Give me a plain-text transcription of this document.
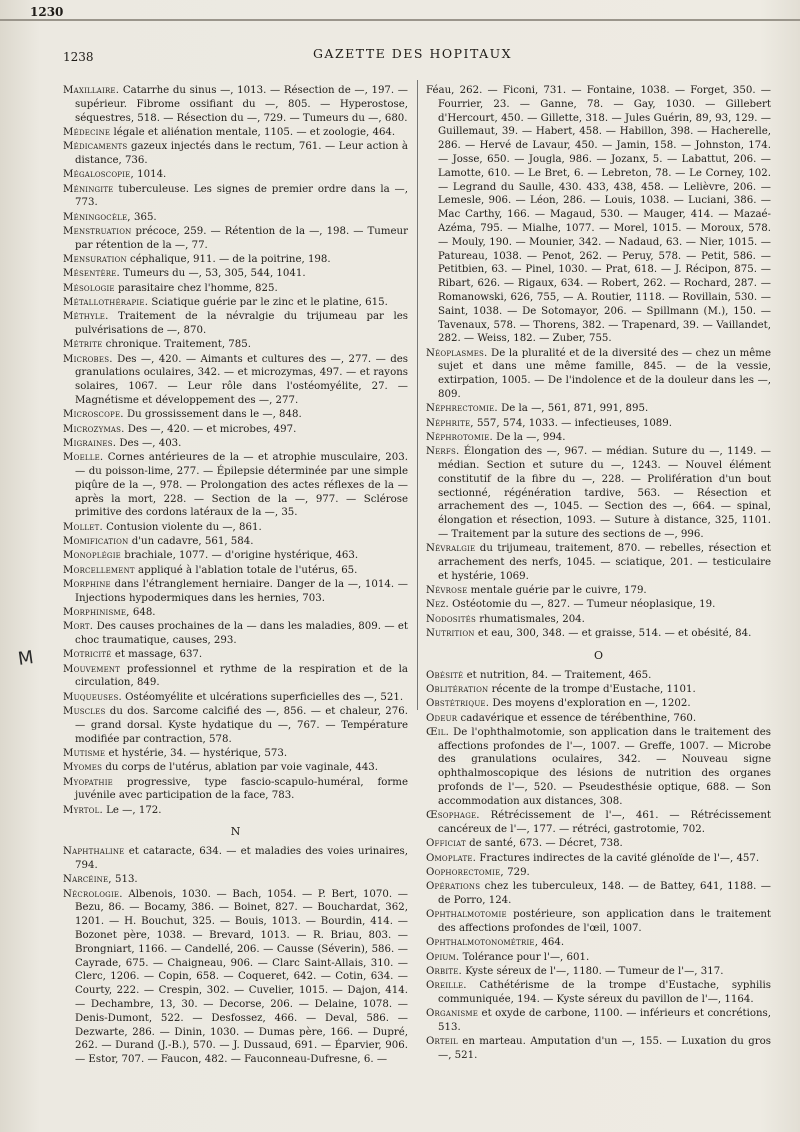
1230
1238	GAZETTE DES HOPITAUX
M
Maxillaire. Catarrhe du sinus —, 1013. — Résection de —, 197. — supérieur. Fibrome ossifiant du —, 805. — Hyperostose, séquestres, 518. — Résection du —, 729. — Tumeurs du —, 680.
Médecine légale et aliénation mentale, 1105. — et zoologie, 464.
Médicaments gazeux injectés dans le rectum, 761. — Leur action à distance, 736.
Mégaloscopie, 1014.
Méningite tuberculeuse. Les signes de premier ordre dans la —, 773.
Méningocèle, 365.
Menstruation précoce, 259. — Rétention de la —, 198. — Tumeur par rétention de la —, 77.
Mensuration céphalique, 911. — de la poitrine, 198.
Mésentère. Tumeurs du —, 53, 305, 544, 1041.
Mésologie parasitaire chez l'homme, 825.
Métallothérapie. Sciatique guérie par le zinc et le platine, 615.
Méthyle. Traitement de la névralgie du trijumeau par les pulvérisations de —, 870.
Métrite chronique. Traitement, 785.
Microbes. Des —, 420. — Aimants et cultures des —, 277. — des granulations oculaires, 342. — et microzymas, 497. — et rayons solaires, 1067. — Leur rôle dans l'ostéomyélite, 27. — Magnétisme et développement des —, 277.
Microscope. Du grossissement dans le —, 848.
Microzymas. Des —, 420. — et microbes, 497.
Migraines. Des —, 403.
Moelle. Cornes antérieures de la — et atrophie musculaire, 203. — du poisson-lime, 277. — Épilepsie déterminée par une simple piqûre de la —, 978. — Prolongation des actes réflexes de la — après la mort, 228. — Section de la —, 977. — Sclérose primitive des cordons latéraux de la —, 35.
Mollet. Contusion violente du —, 861.
Momification d'un cadavre, 561, 584.
Monoplégie brachiale, 1077. — d'origine hystérique, 463.
Morcellement appliqué à l'ablation totale de l'utérus, 65.
Morphine dans l'étranglement herniaire. Danger de la —, 1014. — Injections hypodermiques dans les hernies, 703.
Morphinisme, 648.
Mort. Des causes prochaines de la — dans les maladies, 809. — et choc traumatique, causes, 293.
Motricité et massage, 637.
Mouvement professionnel et rythme de la respiration et de la circulation, 849.
Muqueuses. Ostéomyélite et ulcérations superficielles des —, 521.
Muscles du dos. Sarcome calcifié des —, 856. — et chaleur, 276. — grand dorsal. Kyste hydatique du —, 767. — Température modifiée par contraction, 578.
Mutisme et hystérie, 34. — hystérique, 573.
Myomes du corps de l'utérus, ablation par voie vaginale, 443.
Myopathie progressive, type fascio-scapulo-huméral, forme juvénile avec participation de la face, 783.
Myrtol. Le —, 172.
N
Naphthaline et cataracte, 634. — et maladies des voies urinaires, 794.
Narcéine, 513.
Nécrologie. Albenois, 1030. — Bach, 1054. — P. Bert, 1070. — Bezu, 86. — Bocamy, 386. — Boinet, 827. — Bouchardat, 362, 1201. — H. Bouchut, 325. — Bouis, 1013. — Bourdin, 414. — Bozonet père, 1038. — Brevard, 1013. — R. Briau, 803. — Brongniart, 1166. — Candellé, 206. — Causse (Séverin), 586. — Cayrade, 675. — Chaigneau, 906. — Clarc Saint-Allais, 310. — Clerc, 1206. — Copin, 658. — Coqueret, 642. — Cotin, 634. — Courty, 222. — Crespin, 302. — Cuvelier, 1015. — Dajon, 414. — Dechambre, 13, 30. — Decorse, 206. — Delaine, 1078. — Denis-Dumont, 522. — Desfossez, 466. — Deval, 586. — Dezwarte, 286. — Dinin, 1030. — Dumas père, 166. — Dupré, 262. — Durand (J.-B.), 570. — J. Dussaud, 691. — Éparvier, 906. — Estor, 707. — Faucon, 482. — Fauconneau-Dufresne, 6. —
Féau, 262. — Ficoni, 731. — Fontaine, 1038. — Forget, 350. — Fourrier, 23. — Ganne, 78. — Gay, 1030. — Gillebert d'Hercourt, 450. — Gillette, 318. — Jules Guérin, 89, 93, 129. — Guillemaut, 39. — Habert, 458. — Habillon, 398. — Hacherelle, 286. — Hervé de Lavaur, 450. — Jamin, 158. — Johnston, 174. — Josse, 650. — Jougla, 986. — Jozanx, 5. — Labattut, 206. — Lamotte, 610. — Le Bret, 6. — Lebreton, 78. — Le Corney, 102. — Legrand du Saulle, 430. 433, 438, 458. — Lelièvre, 206. — Lemesle, 906. — Léon, 286. — Louis, 1038. — Luciani, 386. — Mac Carthy, 166. — Magaud, 530. — Mauger, 414. — Mazaé-Azéma, 795. — Mialhe, 1077. — Morel, 1015. — Moroux, 578. — Mouly, 190. — Mounier, 342. — Nadaud, 63. — Nier, 1015. — Patureau, 1038. — Penot, 262. — Peruy, 578. — Petit, 586. — Petitbien, 63. — Pinel, 1030. — Prat, 618. — J. Récipon, 875. — Ribart, 626. — Rigaux, 634. — Robert, 262. — Rochard, 287. — Romanowski, 626, 755, — A. Routier, 1118. — Rovillain, 530. — Saint, 1038. — De Sotomayor, 206. — Spillmann (M.), 150. — Tavenaux, 578. — Thorens, 382. — Trapenard, 39. — Vaillandet, 282. — Weiss, 182. — Zuber, 755.
Néoplasmes. De la pluralité et de la diversité des — chez un même sujet et dans une même famille, 845. — de la vessie, extirpation, 1005. — De l'indolence et de la douleur dans les —, 809.
Néphrectomie. De la —, 561, 871, 991, 895.
Néphrite, 557, 574, 1033. — infectieuses, 1089.
Néphrotomie. De la —, 994.
Nerfs. Élongation des —, 967. — médian. Suture du —, 1149. — médian. Section et suture du —, 1243. — Nouvel élément constitutif de la fibre du —, 228. — Prolifération d'un bout sectionné, régénération tardive, 563. — Résection et arrachement des —, 1045. — Section des —, 664. — spinal, élongation et résection, 1093. — Suture à distance, 325, 1101. — Traitement par la suture des sections de —, 996.
Névralgie du trijumeau, traitement, 870. — rebelles, résection et arrachement des nerfs, 1045. — sciatique, 201. — testiculaire et hystérie, 1069.
Névrose mentale guérie par le cuivre, 179.
Nez. Ostéotomie du —, 827. — Tumeur néoplasique, 19.
Nodosités rhumatismales, 204.
Nutrition et eau, 300, 348. — et graisse, 514. — et obésité, 84.
O
Obésité et nutrition, 84. — Traitement, 465.
Oblitération récente de la trompe d'Eustache, 1101.
Obstétrique. Des moyens d'exploration en —, 1202.
Odeur cadavérique et essence de térébenthine, 760.
Œil. De l'ophthalmotomie, son application dans le traitement des affections profondes de l'—, 1007. — Greffe, 1007. — Microbe des granulations oculaires, 342. — Nouveau signe ophthalmoscopique des lésions de nutrition des organes profonds de l'—, 520. — Pseudesthésie optique, 688. — Son accommodation aux distances, 308.
Œsophage. Rétrécissement de l'—, 461. — Rétrécissement cancéreux de l'—, 177. — rétréci, gastrotomie, 702.
Officiat de santé, 673. — Décret, 738.
Omoplate. Fractures indirectes de la cavité glénoïde de l'—, 457.
Oophorectomie, 729.
Opérations chez les tuberculeux, 148. — de Battey, 641, 1188. — de Porro, 124.
Ophthalmotomie postérieure, son application dans le traitement des affections profondes de l'œil, 1007.
Ophthalmotonométrie, 464.
Opium. Tolérance pour l'—, 601.
Orbite. Kyste séreux de l'—, 1180. — Tumeur de l'—, 317.
Oreille. Cathétérisme de la trompe d'Eustache, syphilis communiquée, 194. — Kyste séreux du pavillon de l'—, 1164.
Organisme et oxyde de carbone, 1100. — inférieurs et concrétions, 513.
Orteil en marteau. Amputation d'un —, 155. — Luxation du gros —, 521.
